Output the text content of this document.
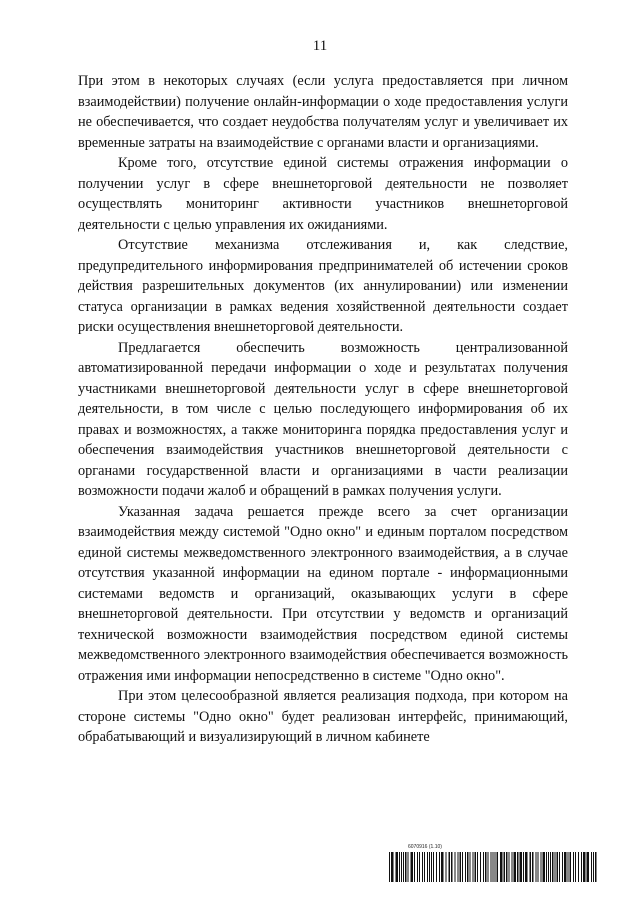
11

При этом в некоторых случаях (если услуга предоставляется при личном взаимодействии) получение онлайн-информации о ходе предоставления услуги не обеспечивается, что создает неудобства получателям услуг и увеличивает их временные затраты на взаимодействие с органами власти и организациями.

Кроме того, отсутствие единой системы отражения информации о получении услуг в сфере внешнеторговой деятельности не позволяет осуществлять мониторинг активности участников внешнеторговой деятельности с целью управления их ожиданиями.

Отсутствие механизма отслеживания и, как следствие, предупредительного информирования предпринимателей об истечении сроков действия разрешительных документов (их аннулировании) или изменении статуса организации в рамках ведения хозяйственной деятельности создает риски осуществления внешнеторговой деятельности.

Предлагается обеспечить возможность централизованной автоматизированной передачи информации о ходе и результатах получения участниками внешнеторговой деятельности услуг в сфере внешнеторговой деятельности, в том числе с целью последующего информирования об их правах и возможностях, а также мониторинга порядка предоставления услуг и обеспечения взаимодействия участников внешнеторговой деятельности с органами государственной власти и организациями в части реализации возможности подачи жалоб и обращений в рамках получения услуги.

Указанная задача решается прежде всего за счет организации взаимодействия между системой "Одно окно" и единым порталом посредством единой системы межведомственного электронного взаимодействия, а в случае отсутствия указанной информации на едином портале - информационными системами ведомств и организаций, оказывающих услуги в сфере внешнеторговой деятельности. При отсутствии у ведомств и организаций технической возможности взаимодействия посредством единой системы межведомственного электронного взаимодействия обеспечивается возможность отражения ими информации непосредственно в системе "Одно окно".

При этом целесообразной является реализация подхода, при котором на стороне системы "Одно окно" будет реализован интерфейс, принимающий, обрабатывающий и визуализирующий в личном кабинете

6070916 (1.10)
